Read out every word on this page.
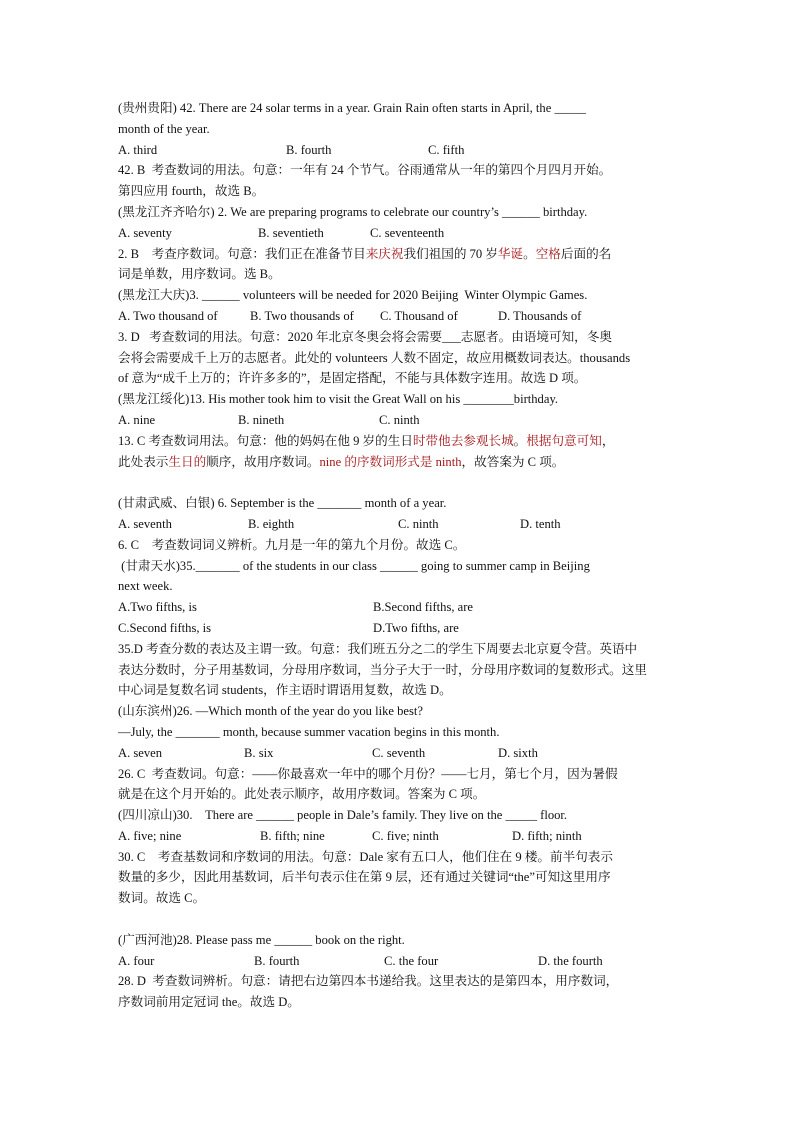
(贵州贵阳) 42. There are 24 solar terms in a year. Grain Rain often starts in April, the _____
month of the year.
A. third	B. fourth	C. fifth
42. B  考查数词的用法。句意：一年有 24 个节气。谷雨通常从一年的第四个月四月开始。
第四应用 fourth，故选 B。
(黑龙江齐齐哈尔) 2. We are preparing programs to celebrate our country’s ______ birthday.
A. seventy	B. seventieth	C. seventeenth
2. B    考查序数词。句意：我们正在准备节目来庆祝我们祖国的 70 岁华诞。空格后面的名
词是单数，用序数词。选 B。
(黑龙江大庆)3. ______ volunteers will be needed for 2020 Beijing  Winter Olympic Games.
A. Two thousand of	B. Two thousands of	C. Thousand of	D. Thousands of
3. D   考查数词的用法。句意：2020 年北京冬奥会将会需要___志愿者。由语境可知，冬奥
会将会需要成千上万的志愿者。此处的 volunteers 人数不固定，故应用概数词表达。thousands
of 意为“成千上万的；许许多多的”，是固定搭配，不能与具体数字连用。故选 D 项。
(黑龙江绥化)13. His mother took him to visit the Great Wall on his ________birthday.
A. nine	B. nineth	C. ninth
13. C 考查数词用法。句意：他的妈妈在他 9 岁的生日时带他去参观长城。根据句意可知，
此处表示生日的顺序，故用序数词。nine 的序数词形式是 ninth，故答案为 C 项。
(甘肃武威、白银) 6. September is the _______ month of a year.
A. seventh	B. eighth	C. ninth	D. tenth
6. C    考查数词词义辨析。九月是一年的第九个月份。故选 C。
(甘肃天水)35._______ of the students in our class ______ going to summer camp in Beijing
next week.
A.Two fifths, is	B.Second fifths, are
C.Second fifths, is	D.Two fifths, are
35.D 考查分数的表达及主谓一致。句意：我们班五分之二的学生下周要去北京夏令营。英语中
表达分数时，分子用基数词，分母用序数词，当分子大于一时，分母用序数词的复数形式。这里
中心词是复数名词 students，作主语时谓语用复数，故选 D。
(山东滨州)26. —Which month of the year do you like best?
—July, the _______ month, because summer vacation begins in this month.
A. seven	B. six	C. seventh	D. sixth
26. C  考查数词。句意：——你最喜欢一年中的哪个月份？——七月，第七个月，因为暑假
就是在这个月开始的。此处表示顺序，故用序数词。答案为 C 项。
(四川凉山)30.    There are ______ people in Dale’s family. They live on the _____ floor.
A. five; nine	B. fifth; nine	C. five; ninth	D. fifth; ninth
30. C    考查基数词和序数词的用法。句意：Dale 家有五口人，他们住在 9 楼。前半句表示
数量的多少，因此用基数词，后半句表示住在第 9 层，还有通过关键词“the”可知这里用序
数词。故选 C。
(广西河池)28. Please pass me ______ book on the right.
A. four	B. fourth	C. the four	D. the fourth
28. D  考查数词辨析。句意：请把右边第四本书递给我。这里表达的是第四本，用序数词，
序数词前用定冠词 the。故选 D。
